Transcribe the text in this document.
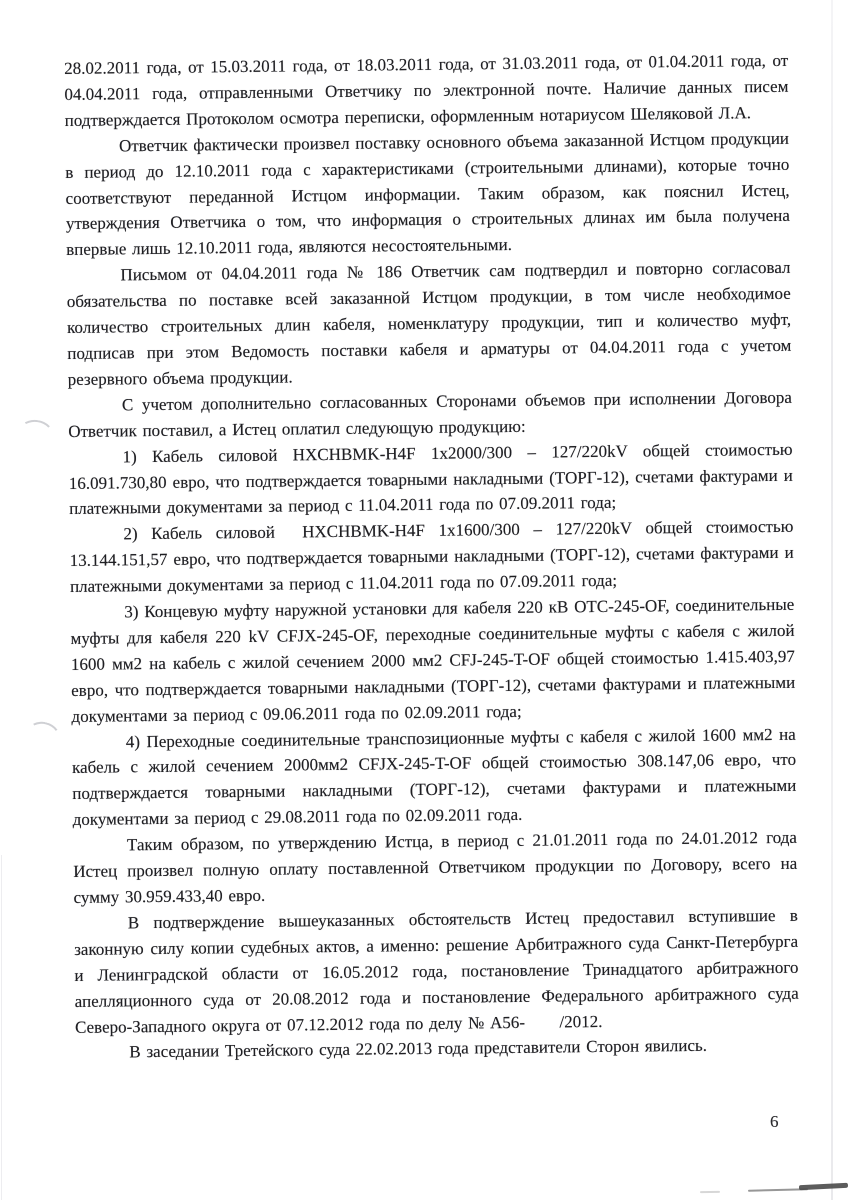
28.02.2011 года, от 15.03.2011 года, от 18.03.2011 года, от 31.03.2011 года, от 01.04.2011 года, от 04.04.2011 года, отправленными Ответчику по электронной почте. Наличие данных писем подтверждается Протоколом осмотра переписки, оформленным нотариусом Шеляковой Л.А.

Ответчик фактически произвел поставку основного объема заказанной Истцом продукции в период до 12.10.2011 года с характеристиками (строительными длинами), которые точно соответствуют переданной Истцом информации. Таким образом, как пояснил Истец, утверждения Ответчика о том, что информация о строительных длинах им была получена впервые лишь 12.10.2011 года, являются несостоятельными.

Письмом от 04.04.2011 года № 186 Ответчик сам подтвердил и повторно согласовал обязательства по поставке всей заказанной Истцом продукции, в том числе необходимое количество строительных длин кабеля, номенклатуру продукции, тип и количество муфт, подписав при этом Ведомость поставки кабеля и арматуры от 04.04.2011 года с учетом резервного объема продукции.

С учетом дополнительно согласованных Сторонами объемов при исполнении Договора Ответчик поставил, а Истец оплатил следующую продукцию:

1) Кабель силовой HXCHBMK-H4F 1x2000/300 – 127/220kV общей стоимостью 16.091.730,80 евро, что подтверждается товарными накладными (ТОРГ-12), счетами фактурами и платежными документами за период с 11.04.2011 года по 07.09.2011 года;

2) Кабель силовой  HXCHBMK-H4F 1x1600/300 – 127/220kV общей стоимостью 13.144.151,57 евро, что подтверждается товарными накладными (ТОРГ-12), счетами фактурами и платежными документами за период с 11.04.2011 года по 07.09.2011 года;

3) Концевую муфту наружной установки для кабеля 220 кВ OTC-245-OF, соединительные муфты для кабеля 220 kV CFJX-245-OF, переходные соединительные муфты с кабеля с жилой 1600 мм2 на кабель с жилой сечением 2000 мм2 CFJ-245-T-OF общей стоимостью 1.415.403,97 евро, что подтверждается товарными накладными (ТОРГ-12), счетами фактурами и платежными документами за период с 09.06.2011 года по 02.09.2011 года;

4) Переходные соединительные транспозиционные муфты с кабеля с жилой 1600 мм2 на кабель с жилой сечением 2000мм2 CFJX-245-T-OF общей стоимостью 308.147,06 евро, что подтверждается товарными накладными (ТОРГ-12), счетами фактурами и платежными документами за период с 29.08.2011 года по 02.09.2011 года.

Таким образом, по утверждению Истца, в период с 21.01.2011 года по 24.01.2012 года Истец произвел полную оплату поставленной Ответчиком продукции по Договору, всего на сумму 30.959.433,40 евро.

В подтверждение вышеуказанных обстоятельств Истец предоставил вступившие в законную силу копии судебных актов, а именно: решение Арбитражного суда Санкт-Петербурга и Ленинградской области от 16.05.2012 года, постановление Тринадцатого арбитражного апелляционного суда от 20.08.2012 года и постановление Федерального арбитражного суда Северо-Западного округа от 07.12.2012 года по делу № А56-      /2012.

В заседании Третейского суда 22.02.2013 года представители Сторон явились.

6
